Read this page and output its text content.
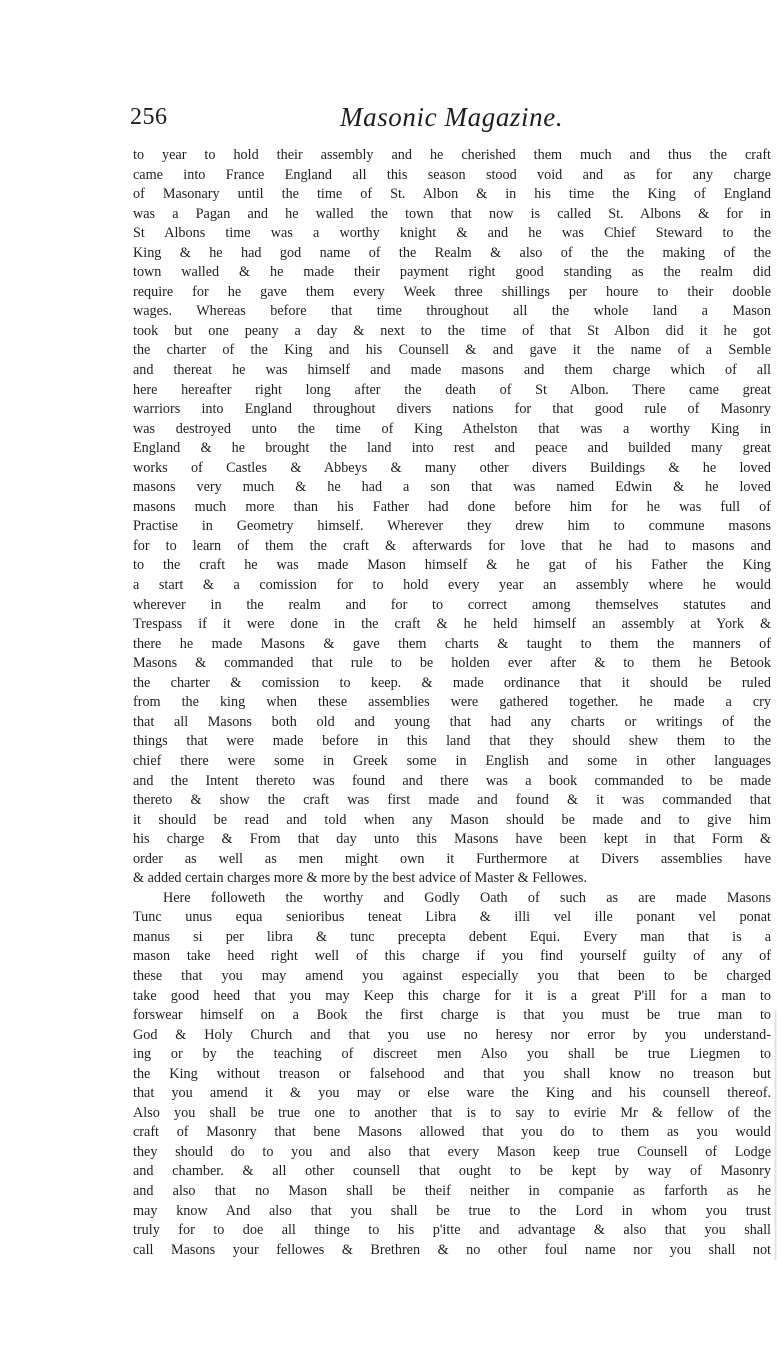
256	Masonic Magazine.
to year to hold their assembly and he cherished them much and thus the craft
came into France England all this season stood void and as for any charge
of Masonary until the time of St. Albon & in his time the King of England
was a Pagan and he walled the town that now is called St. Albons & for in
St Albons time was a worthy knight & and he was Chief Steward to the
King & he had god name of the Realm & also of the the making of the
town walled & he made their payment right good standing as the realm did
require for he gave them every Week three shillings per houre to their dooble
wages. Whereas before that time throughout all the whole land a Mason
took but one peany a day & next to the time of that St Albon did it he got
the charter of the King and his Counsell & and gave it the name of a Semble
and thereat he was himself and made masons and them charge which of all
here hereafter right long after the death of St Albon. There came great
warriors into England throughout divers nations for that good rule of Masonry
was destroyed unto the time of King Athelston that was a worthy King in
England & he brought the land into rest and peace and builded many great
works of Castles & Abbeys & many other divers Buildings & he loved
masons very much & he had a son that was named Edwin & he loved
masons much more than his Father had done before him for he was full of
Practise in Geometry himself. Wherever they drew him to commune masons
for to learn of them the craft & afterwards for love that he had to masons and
to the craft he was made Mason himself & he gat of his Father the King
a start & a comission for to hold every year an assembly where he would
wherever in the realm and for to correct among themselves statutes and
Trespass if it were done in the craft & he held himself an assembly at York &
there he made Masons & gave them charts & taught to them the manners of
Masons & commanded that rule to be holden ever after & to them he Betook
the charter & comission to keep. & made ordinance that it should be ruled
from the king when these assemblies were gathered together. he made a cry
that all Masons both old and young that had any charts or writings of the
things that were made before in this land that they should shew them to the
chief there were some in Greek some in English and some in other languages
and the Intent thereto was found and there was a book commanded to be made
thereto & show the craft was first made and found & it was commanded that
it should be read and told when any Mason should be made and to give him
his charge & From that day unto this Masons have been kept in that Form &
order as well as men might own it Furthermore at Divers assemblies have
& added certain charges more & more by the best advice of Master & Fellowes.
Here followeth the worthy and Godly Oath of such as are made Masons
Tunc unus equa senioribus teneat Libra & illi vel ille ponant vel ponat
manus si per libra & tunc precepta debent Equi. Every man that is a
mason take heed right well of this charge if you find yourself guilty of any of
these that you may amend you against especially you that been to be charged
take good heed that you may Keep this charge for it is a great P'ill for a man to
forswear himself on a Book the first charge is that you must be true man to
God & Holy Church and that you use no heresy nor error by you understand-
ing or by the teaching of discreet men Also you shall be true Liegmen to
the King without treason or falsehood and that you shall know no treason but
that you amend it & you may or else ware the King and his counsell thereof.
Also you shall be true one to another that is to say to evirie Mr & fellow of the
craft of Masonry that bene Masons allowed that you do to them as you would
they should do to you and also that every Mason keep true Counsell of Lodge
and chamber. & all other counsell that ought to be kept by way of Masonry
and also that no Mason shall be theif neither in companie as farforth as he
may know And also that you shall be true to the Lord in whom you trust
truly for to doe all thinge to his p'itte and advantage & also that you shall
call Masons your fellowes & Brethren & no other foul name nor you shall not
